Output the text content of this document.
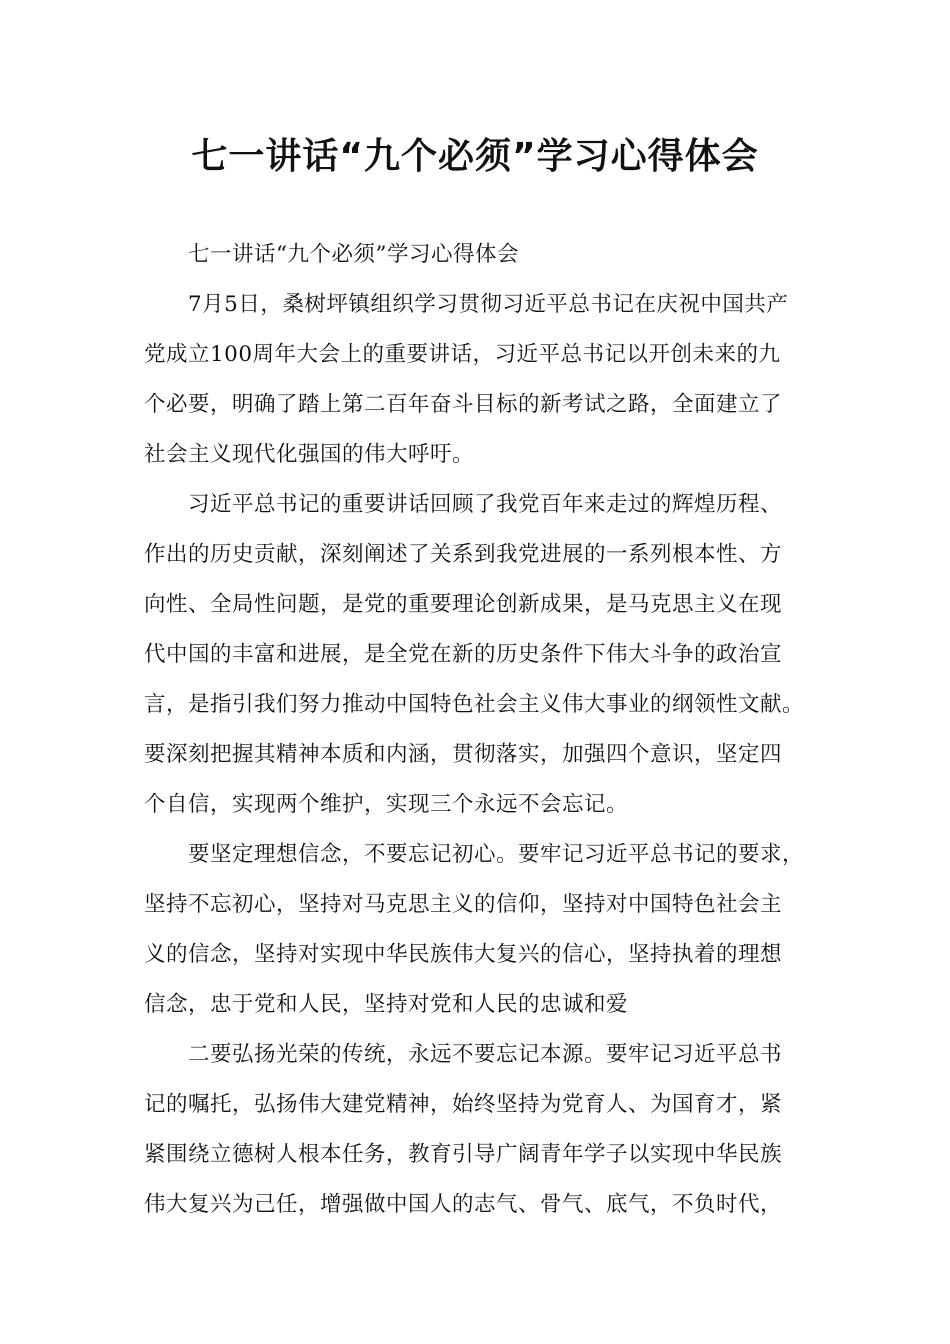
七一讲话“九个必须”学习心得体会
七一讲话“九个必须”学习心得体会
7月5日，桑树坪镇组织学习贯彻习近平总书记在庆祝中国共产
党成立100周年大会上的重要讲话，习近平总书记以开创未来的九
个必要，明确了踏上第二百年奋斗目标的新考试之路，全面建立了
社会主义现代化强国的伟大呼吁。
习近平总书记的重要讲话回顾了我党百年来走过的辉煌历程、
作出的历史贡献，深刻阐述了关系到我党进展的一系列根本性、方
向性、全局性问题，是党的重要理论创新成果，是马克思主义在现
代中国的丰富和进展，是全党在新的历史条件下伟大斗争的政治宣
言，是指引我们努力推动中国特色社会主义伟大事业的纲领性文献。
要深刻把握其精神本质和内涵，贯彻落实，加强四个意识，坚定四
个自信，实现两个维护，实现三个永远不会忘记。
要坚定理想信念，不要忘记初心。要牢记习近平总书记的要求，
坚持不忘初心，坚持对马克思主义的信仰，坚持对中国特色社会主
义的信念，坚持对实现中华民族伟大复兴的信心，坚持执着的理想
信念，忠于党和人民，坚持对党和人民的忠诚和爱
二要弘扬光荣的传统，永远不要忘记本源。要牢记习近平总书
记的嘱托，弘扬伟大建党精神，始终坚持为党育人、为国育才，紧
紧围绕立德树人根本任务，教育引导广阔青年学子以实现中华民族
伟大复兴为己任，增强做中国人的志气、骨气、底气，不负时代，
